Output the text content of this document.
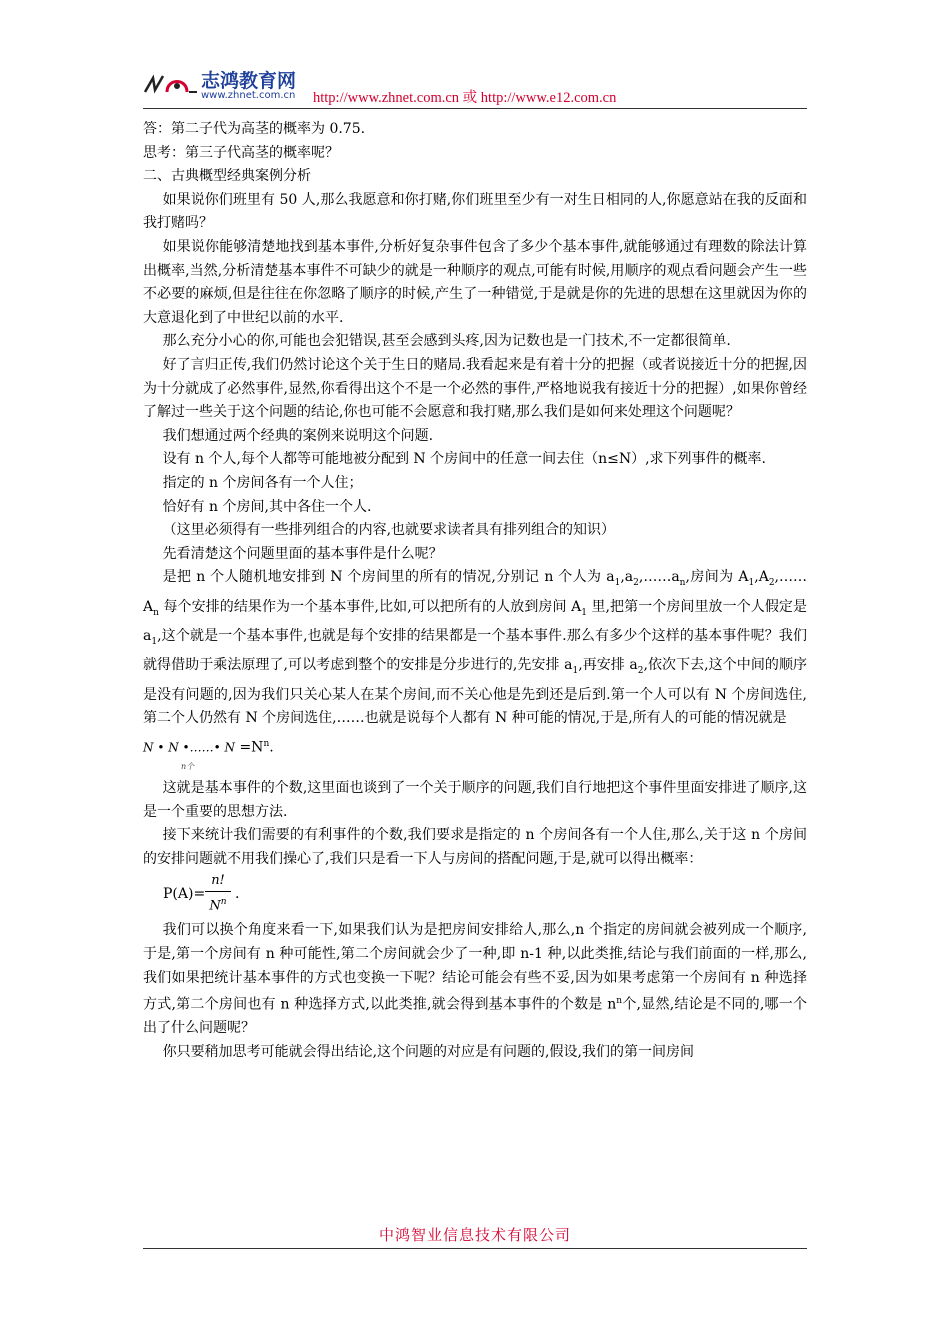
志鸿教育网
www.zhnet.com.cn http://www.zhnet.com.cn 或 http://www.e12.com.cn

答：第二子代为高茎的概率为 0.75.

思考：第三子代高茎的概率呢？

二、古典概型经典案例分析

如果说你们班里有 50 人,那么我愿意和你打赌,你们班里至少有一对生日相同的人,你愿意站在我的反面和我打赌吗？

如果说你能够清楚地找到基本事件,分析好复杂事件包含了多少个基本事件,就能够通过有理数的除法计算出概率,当然,分析清楚基本事件不可缺少的就是一种顺序的观点,可能有时候,用顺序的观点看问题会产生一些不必要的麻烦,但是往往在你忽略了顺序的时候,产生了一种错觉,于是就是你的先进的思想在这里就因为你的大意退化到了中世纪以前的水平.

那么充分小心的你,可能也会犯错误,甚至会感到头疼,因为记数也是一门技术,不一定都很简单.

好了言归正传,我们仍然讨论这个关于生日的赌局.我看起来是有着十分的把握（或者说接近十分的把握,因为十分就成了必然事件,显然,你看得出这个不是一个必然的事件,严格地说我有接近十分的把握）,如果你曾经了解过一些关于这个问题的结论,你也可能不会愿意和我打赌,那么我们是如何来处理这个问题呢？

我们想通过两个经典的案例来说明这个问题.

设有 n 个人,每个人都等可能地被分配到 N 个房间中的任意一间去住（n≤N）,求下列事件的概率.

指定的 n 个房间各有一个人住；

恰好有 n 个房间,其中各住一个人.

（这里必须得有一些排列组合的内容,也就要求读者具有排列组合的知识）

先看清楚这个问题里面的基本事件是什么呢？

是把 n 个人随机地安排到 N 个房间里的所有的情况,分别记 n 个人为 $a_1,a_2,\dots\dots a_n$,房间为 $A_1,A_2,\dots\dots A_n$ 每个安排的结果作为一个基本事件,比如,可以把所有的人放到房间 $A_1$ 里,把第一个房间里放一个人假定是 $a_1$,这个就是一个基本事件,也就是每个安排的结果都是一个基本事件.那么有多少个这样的基本事件呢？我们就得借助于乘法原理了,可以考虑到整个的安排是分步进行的,先安排 $a_1$,再安排 $a_2$,依次下去,这个中间的顺序是没有问题的,因为我们只关心某人在某个房间,而不关心他是先到还是后到.第一个人可以有 N 个房间选住,第二个人仍然有 N 个房间选住,……也就是说每个人都有 N 种可能的情况,于是,所有人的可能的情况就是

N • N •……• $N =N^n$.
n个

这就是基本事件的个数,这里面也谈到了一个关于顺序的问题,我们自行地把这个事件里面安排进了顺序,这是一个重要的思想方法.

接下来统计我们需要的有利事件的个数,我们要求是指定的 n 个房间各有一个人住,那么,关于这 n 个房间的安排问题就不用我们操心了,我们只是看一下人与房间的搭配问题,于是,就可以得出概率：

P(A)=
n!
$N^n$ .

我们可以换个角度来看一下,如果我们认为是把房间安排给人,那么,n 个指定的房间就会被列成一个顺序,于是,第一个房间有 n 种可能性,第二个房间就会少了一种,即 n-1 种,以此类推,结论与我们前面的一样,那么,我们如果把统计基本事件的方式也变换一下呢？结论可能会有些不妥,因为如果考虑第一个房间有 n 种选择方式,第二个房间也有 n 种选择方式,以此类推,就会得到基本事件的个数是 $n^n$个,显然,结论是不同的,哪一个出了什么问题呢？

你只要稍加思考可能就会得出结论,这个问题的对应是有问题的,假设,我们的第一间房间

中鸿智业信息技术有限公司
